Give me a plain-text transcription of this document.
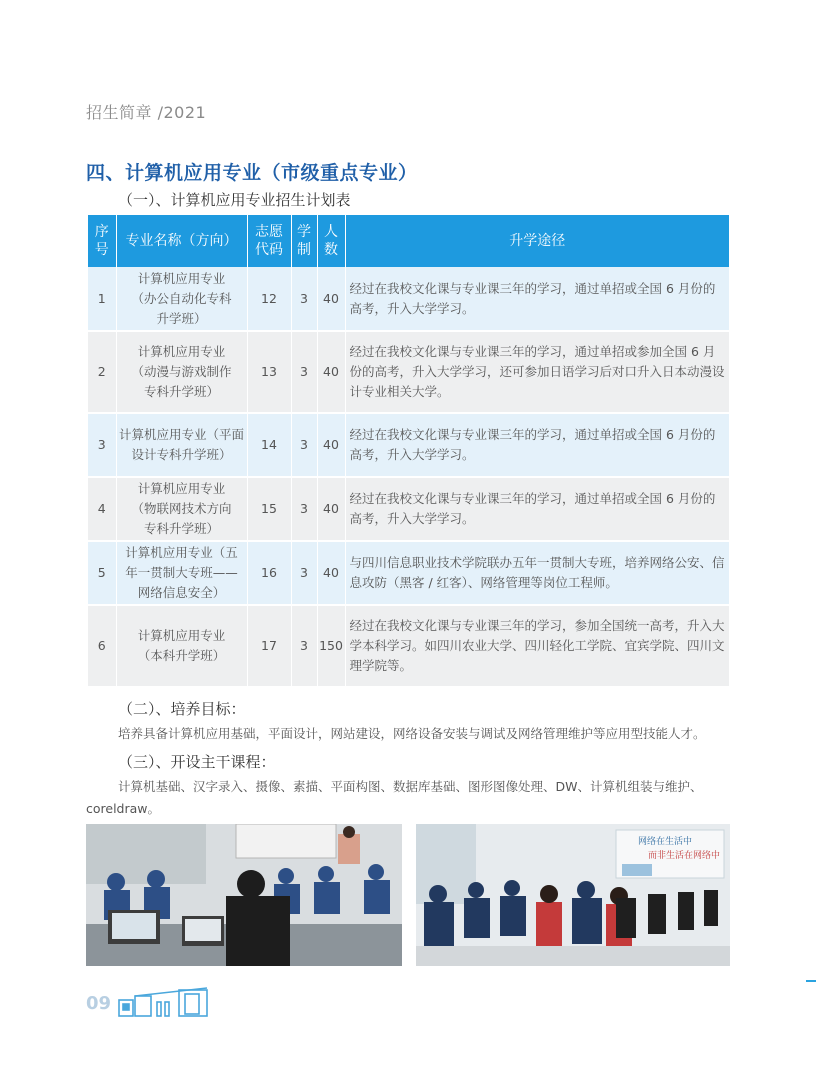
招生简章 /2021
四、计算机应用专业（市级重点专业）
（一）、计算机应用专业招生计划表
序号	专业名称（方向）	志愿代码	学制	人数	升学途径
1	计算机应用专业（办公自动化专科升学班）	12	3	40	经过在我校文化课与专业课三年的学习，通过单招或全国 6 月份的高考，升入大学学习。
2	计算机应用专业（动漫与游戏制作专科升学班）	13	3	40	经过在我校文化课与专业课三年的学习，通过单招或参加全国 6 月份的高考，升入大学学习，还可参加日语学习后对口升入日本动漫设计专业相关大学。
3	计算机应用专业（平面设计专科升学班）	14	3	40	经过在我校文化课与专业课三年的学习，通过单招或全国 6 月份的高考，升入大学学习。
4	计算机应用专业（物联网技术方向专科升学班）	15	3	40	经过在我校文化课与专业课三年的学习，通过单招或全国 6 月份的高考，升入大学学习。
5	计算机应用专业（五年一贯制大专班——网络信息安全）	16	3	40	与四川信息职业技术学院联办五年一贯制大专班，培养网络公安、信息攻防（黑客 / 红客）、网络管理等岗位工程师。
6	计算机应用专业（本科升学班）	17	3	150	经过在我校文化课与专业课三年的学习，参加全国统一高考，升入大学本科学习。如四川农业大学、四川轻化工学院、宜宾学院、四川文理学院等。
（二）、培养目标：
培养具备计算机应用基础，平面设计，网站建设，网络设备安装与调试及网络管理维护等应用型技能人才。
（三）、开设主干课程：
计算机基础、汉字录入、摄像、素描、平面构图、数据库基础、图形图像处理、DW、计算机组装与维护、coreldraw。
网络在生活中
而非生活在网络中
09
